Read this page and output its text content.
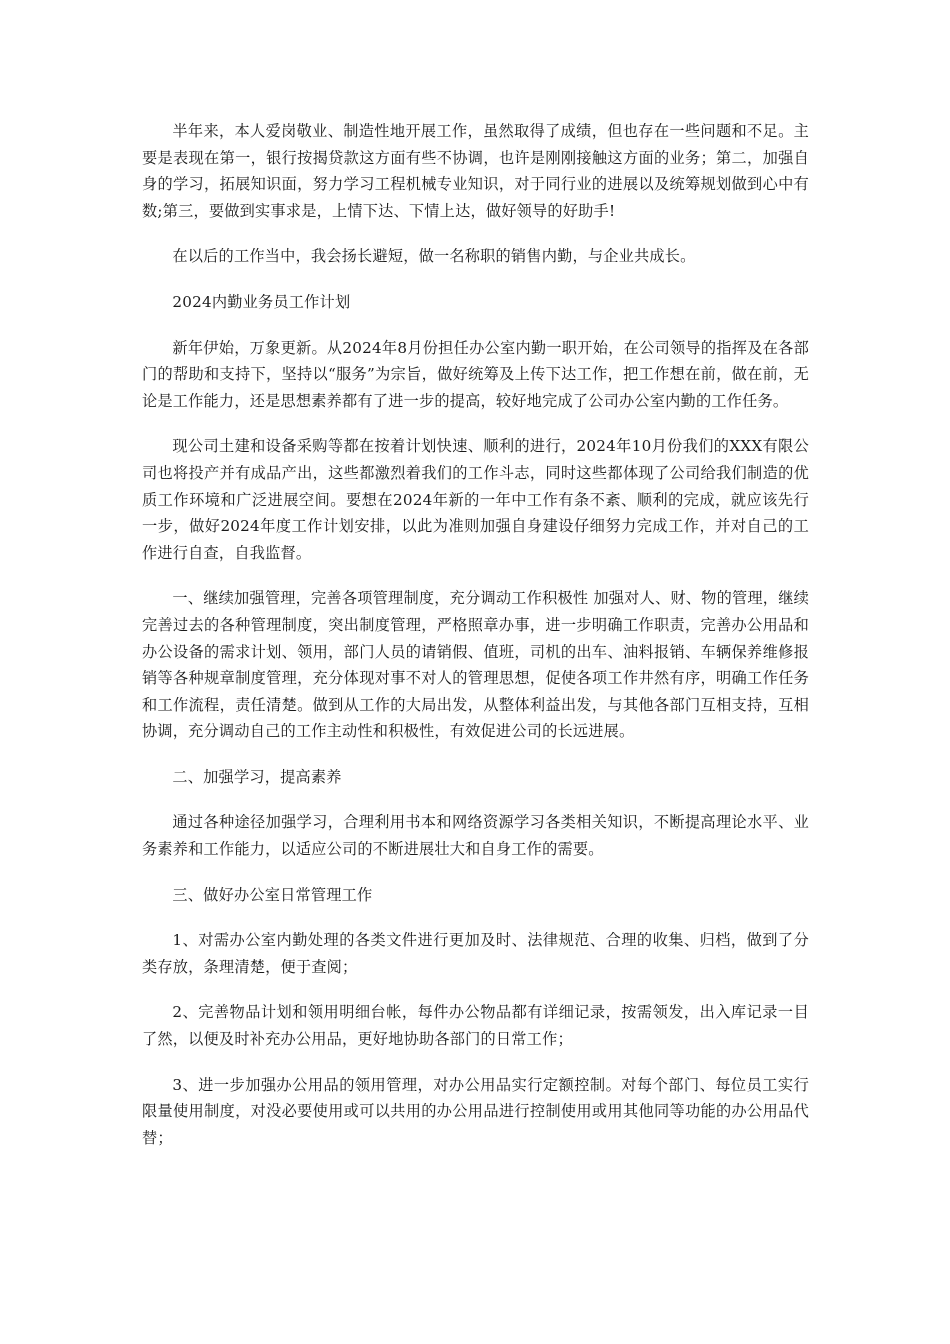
半年来，本人爱岗敬业、制造性地开展工作，虽然取得了成绩，但也存在一些问题和不足。主要是表现在第一，银行按揭贷款这方面有些不协调，也许是刚刚接触这方面的业务；第二，加强自身的学习，拓展知识面，努力学习工程机械专业知识，对于同行业的进展以及统筹规划做到心中有数;第三，要做到实事求是，上情下达、下情上达，做好领导的好助手!

在以后的工作当中，我会扬长避短，做一名称职的销售内勤，与企业共成长。

2024内勤业务员工作计划

新年伊始，万象更新。从2024年8月份担任办公室内勤一职开始，在公司领导的指挥及在各部门的帮助和支持下，坚持以“服务”为宗旨，做好统筹及上传下达工作，把工作想在前，做在前，无论是工作能力，还是思想素养都有了进一步的提高，较好地完成了公司办公室内勤的工作任务。

现公司土建和设备采购等都在按着计划快速、顺利的进行，2024年10月份我们的XXX有限公司也将投产并有成品产出，这些都激烈着我们的工作斗志，同时这些都体现了公司给我们制造的优质工作环境和广泛进展空间。要想在2024年新的一年中工作有条不紊、顺利的完成，就应该先行一步，做好2024年度工作计划安排，以此为准则加强自身建设仔细努力完成工作，并对自己的工作进行自查，自我监督。

一、继续加强管理，完善各项管理制度，充分调动工作积极性 加强对人、财、物的管理，继续完善过去的各种管理制度，突出制度管理，严格照章办事，进一步明确工作职责，完善办公用品和办公设备的需求计划、领用，部门人员的请销假、值班，司机的出车、油料报销、车辆保养维修报销等各种规章制度管理，充分体现对事不对人的管理思想，促使各项工作井然有序，明确工作任务和工作流程，责任清楚。做到从工作的大局出发，从整体利益出发，与其他各部门互相支持，互相协调，充分调动自己的工作主动性和积极性，有效促进公司的长远进展。

二、加强学习，提高素养

通过各种途径加强学习，合理利用书本和网络资源学习各类相关知识，不断提高理论水平、业务素养和工作能力，以适应公司的不断进展壮大和自身工作的需要。

三、做好办公室日常管理工作

1、对需办公室内勤处理的各类文件进行更加及时、法律规范、合理的收集、归档，做到了分类存放，条理清楚，便于查阅；

2、完善物品计划和领用明细台帐，每件办公物品都有详细记录，按需领发，出入库记录一目了然，以便及时补充办公用品，更好地协助各部门的日常工作；

3、进一步加强办公用品的领用管理，对办公用品实行定额控制。对每个部门、每位员工实行限量使用制度，对没必要使用或可以共用的办公用品进行控制使用或用其他同等功能的办公用品代替；
